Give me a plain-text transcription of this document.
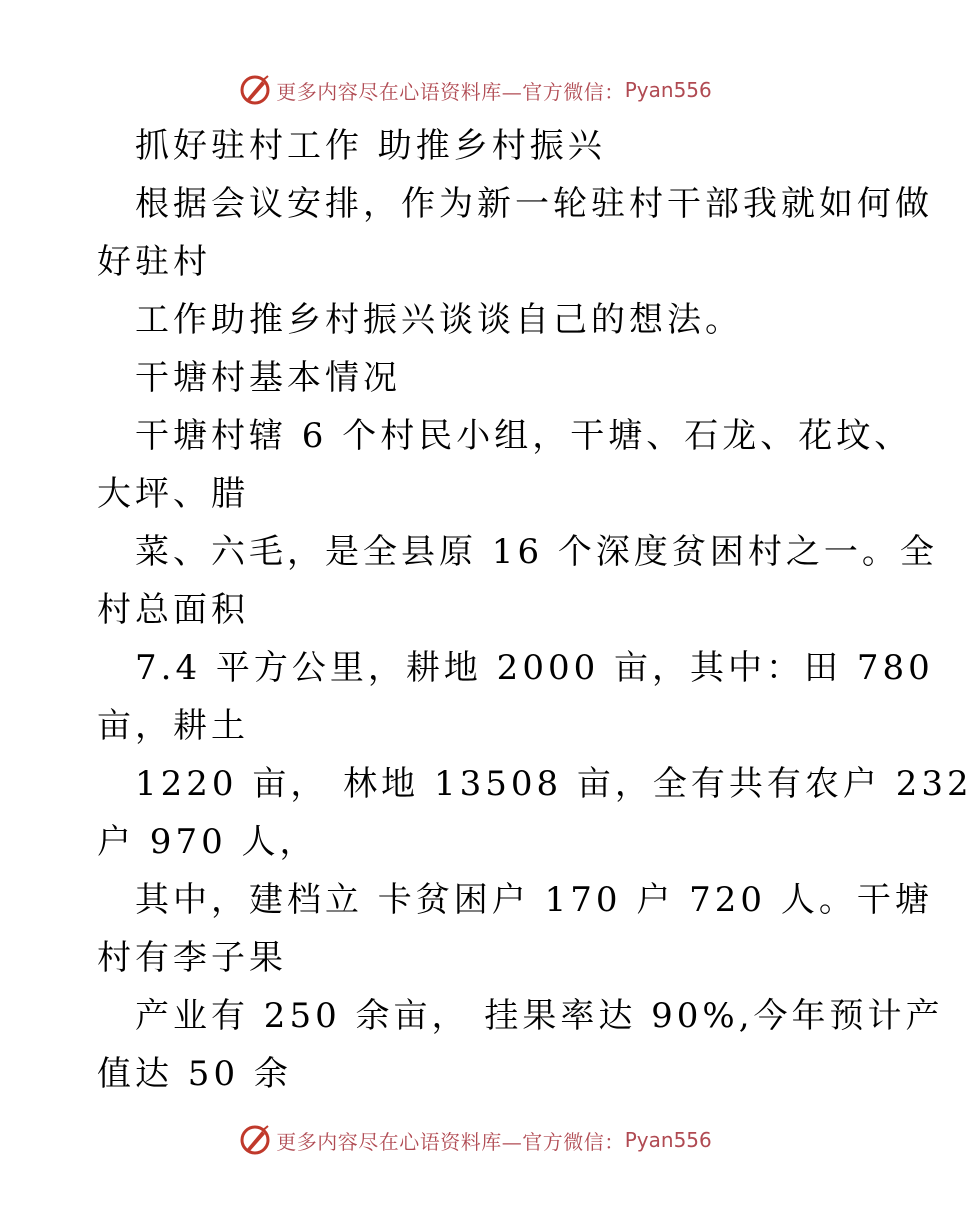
更多内容尽在心语资料库—官方微信： Pyan556

抓好驻村工作 助推乡村振兴

根据会议安排，作为新一轮驻村干部我就如何做

好驻村

工作助推乡村振兴谈谈自己的想法。

干塘村基本情况

干塘村辖 6 个村民小组，干塘、石龙、花坟、

大坪、腊

菜、六毛，是全县原 16 个深度贫困村之一。全

村总面积

7.4 平方公里，耕地 2000 亩，其中：田 780

亩，耕土

1220 亩， 林地 13508 亩，全有共有农户 232

户 970 人，

其中，建档立 卡贫困户 170 户 720 人。干塘

村有李子果

产业有 250 余亩， 挂果率达 90%,今年预计产

值达 50 余

更多内容尽在心语资料库—官方微信： Pyan556
